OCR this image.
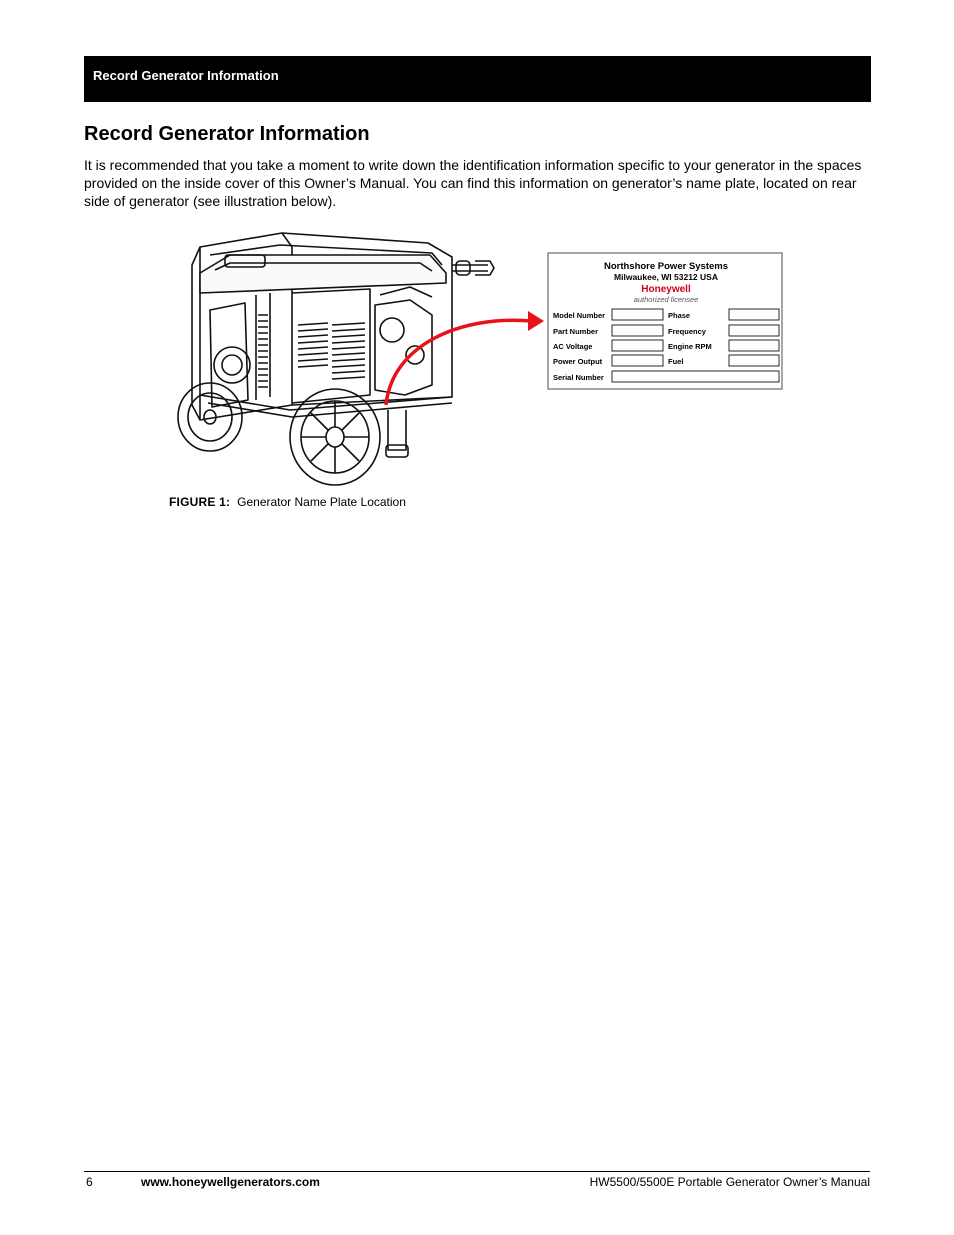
Record Generator Information
Record Generator Information

It is recommended that you take a moment to write down the identification information specific to your generator in the spaces provided on the inside cover of this Owner’s Manual. You can find this information on generator’s name plate, located on rear side of generator (see illustration below).

Northshore Power Systems
Milwaukee, WI 53212 USA
Honeywell
authorized licensee
Model Number
Part Number
AC Voltage
Power Output
Phase
Frequency
Engine RPM
Fuel
Serial Number
FIGURE 1: Generator Name Plate Location
6	www.honeywellgenerators.com	HW5500/5500E Portable Generator Owner’s Manual
